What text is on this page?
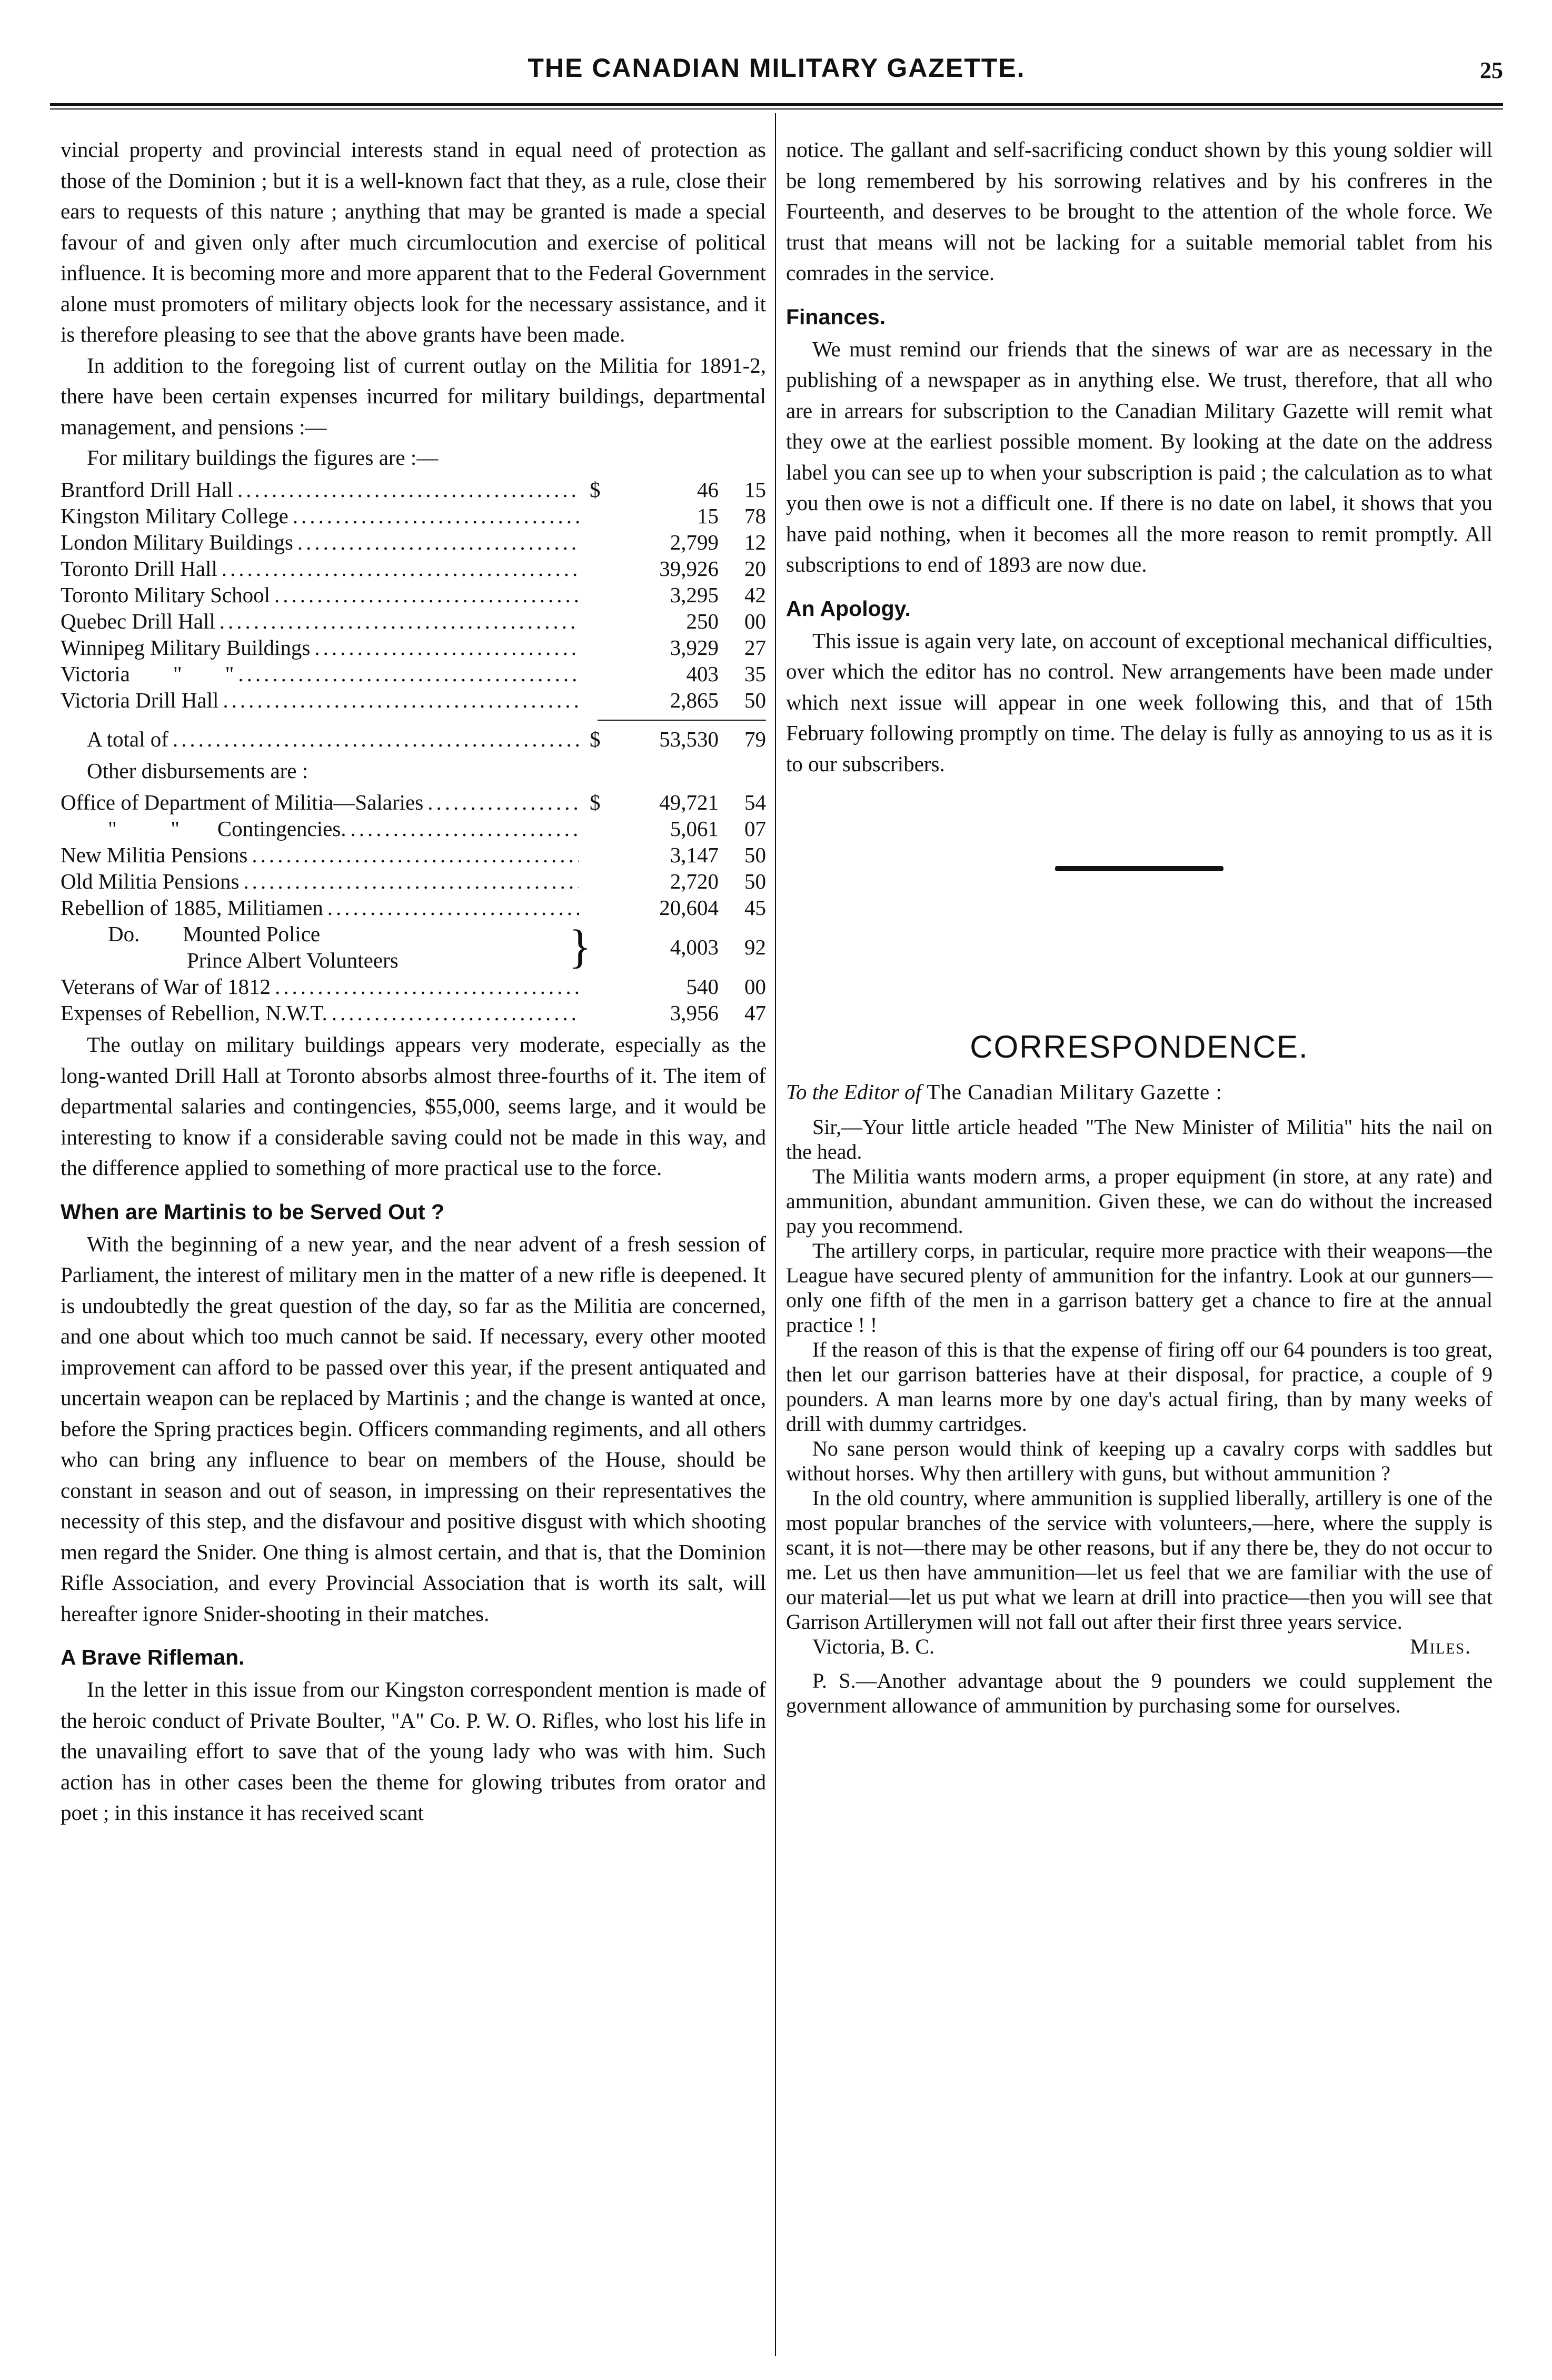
THE CANADIAN MILITARY GAZETTE.	25

vincial property and provincial interests stand in equal need of protection as those of the Dominion ; but it is a well-known fact that they, as a rule, close their ears to requests of this nature ; anything that may be granted is made a special favour of and given only after much circumlocution and exercise of political influence. It is becoming more and more apparent that to the Federal Government alone must promoters of military objects look for the necessary assistance, and it is therefore pleasing to see that the above grants have been made.

In addition to the foregoing list of current outlay on the Militia for 1891-2, there have been certain expenses incurred for military buildings, departmental management, and pensions :—

For military buildings the figures are :—

Brantford Drill Hall .....	$	46	15
Kingston Military College .....	15	78
London Military Buildings .....	2,799	12
Toronto Drill Hall .....	39,926	20
Toronto Military School .....	3,295	42
Quebec Drill Hall .....	250	00
Winnipeg Military Buildings .....	3,929	27
Victoria        "        " .....	403	35
Victoria Drill Hall .....	2,865	50
A total of .....	$	53,530	79

Other disbursements are :

Office of Department of Militia—Salaries .....	$	49,721	54
"          "       Contingencies. .....	5,061	07
New Militia Pensions .....	3,147	50
Old Militia Pensions .....	2,720	50
Rebellion of 1885, Militiamen .....	20,604	45
Do.        Mounted Police
Prince Albert Volunteers	}	4,003	92
Veterans of War of 1812 .....	540	00
Expenses of Rebellion, N.W.T. .....	3,956	47

The outlay on military buildings appears very moderate, especially as the long-wanted Drill Hall at Toronto absorbs almost three-fourths of it. The item of departmental salaries and contingencies, $55,000, seems large, and it would be interesting to know if a considerable saving could not be made in this way, and the difference applied to something of more practical use to the force.

When are Martinis to be Served Out ?

With the beginning of a new year, and the near advent of a fresh session of Parliament, the interest of military men in the matter of a new rifle is deepened. It is undoubtedly the great question of the day, so far as the Militia are concerned, and one about which too much cannot be said. If necessary, every other mooted improvement can afford to be passed over this year, if the present antiquated and uncertain weapon can be replaced by Martinis ; and the change is wanted at once, before the Spring practices begin. Officers commanding regiments, and all others who can bring any influence to bear on members of the House, should be constant in season and out of season, in impressing on their representatives the necessity of this step, and the disfavour and positive disgust with which shooting men regard the Snider. One thing is almost certain, and that is, that the Dominion Rifle Association, and every Provincial Association that is worth its salt, will hereafter ignore Snider-shooting in their matches.

A Brave Rifleman.

In the letter in this issue from our Kingston correspondent mention is made of the heroic conduct of Private Boulter, "A" Co. P. W. O. Rifles, who lost his life in the unavailing effort to save that of the young lady who was with him. Such action has in other cases been the theme for glowing tributes from orator and poet ; in this instance it has received scant

notice. The gallant and self-sacrificing conduct shown by this young soldier will be long remembered by his sorrowing relatives and by his confreres in the Fourteenth, and deserves to be brought to the attention of the whole force. We trust that means will not be lacking for a suitable memorial tablet from his comrades in the service.

Finances.

We must remind our friends that the sinews of war are as necessary in the publishing of a newspaper as in anything else. We trust, therefore, that all who are in arrears for subscription to the Canadian Military Gazette will remit what they owe at the earliest possible moment. By looking at the date on the address label you can see up to when your subscription is paid ; the calculation as to what you then owe is not a difficult one. If there is no date on label, it shows that you have paid nothing, when it becomes all the more reason to remit promptly. All subscriptions to end of 1893 are now due.

An Apology.

This issue is again very late, on account of exceptional mechanical difficulties, over which the editor has no control. New arrangements have been made under which next issue will appear in one week following this, and that of 15th February following promptly on time. The delay is fully as annoying to us as it is to our subscribers.

CORRESPONDENCE.
To the Editor of The Canadian Military Gazette :

Sir,—Your little article headed "The New Minister of Militia" hits the nail on the head.

The Militia wants modern arms, a proper equipment (in store, at any rate) and ammunition, abundant ammunition. Given these, we can do without the increased pay you recommend.

The artillery corps, in particular, require more practice with their weapons—the League have secured plenty of ammunition for the infantry. Look at our gunners—only one fifth of the men in a garrison battery get a chance to fire at the annual practice ! !

If the reason of this is that the expense of firing off our 64 pounders is too great, then let our garrison batteries have at their disposal, for practice, a couple of 9 pounders. A man learns more by one day's actual firing, than by many weeks of drill with dummy cartridges.

No sane person would think of keeping up a cavalry corps with saddles but without horses. Why then artillery with guns, but without ammunition ?

In the old country, where ammunition is supplied liberally, artillery is one of the most popular branches of the service with volunteers,—here, where the supply is scant, it is not—there may be other reasons, but if any there be, they do not occur to me. Let us then have ammunition—let us feel that we are familiar with the use of our material—let us put what we learn at drill into practice—then you will see that Garrison Artillerymen will not fall out after their first three years service.

Victoria, B. C.	Miles.

P. S.—Another advantage about the 9 pounders we could supplement the government allowance of ammunition by purchasing some for ourselves.
